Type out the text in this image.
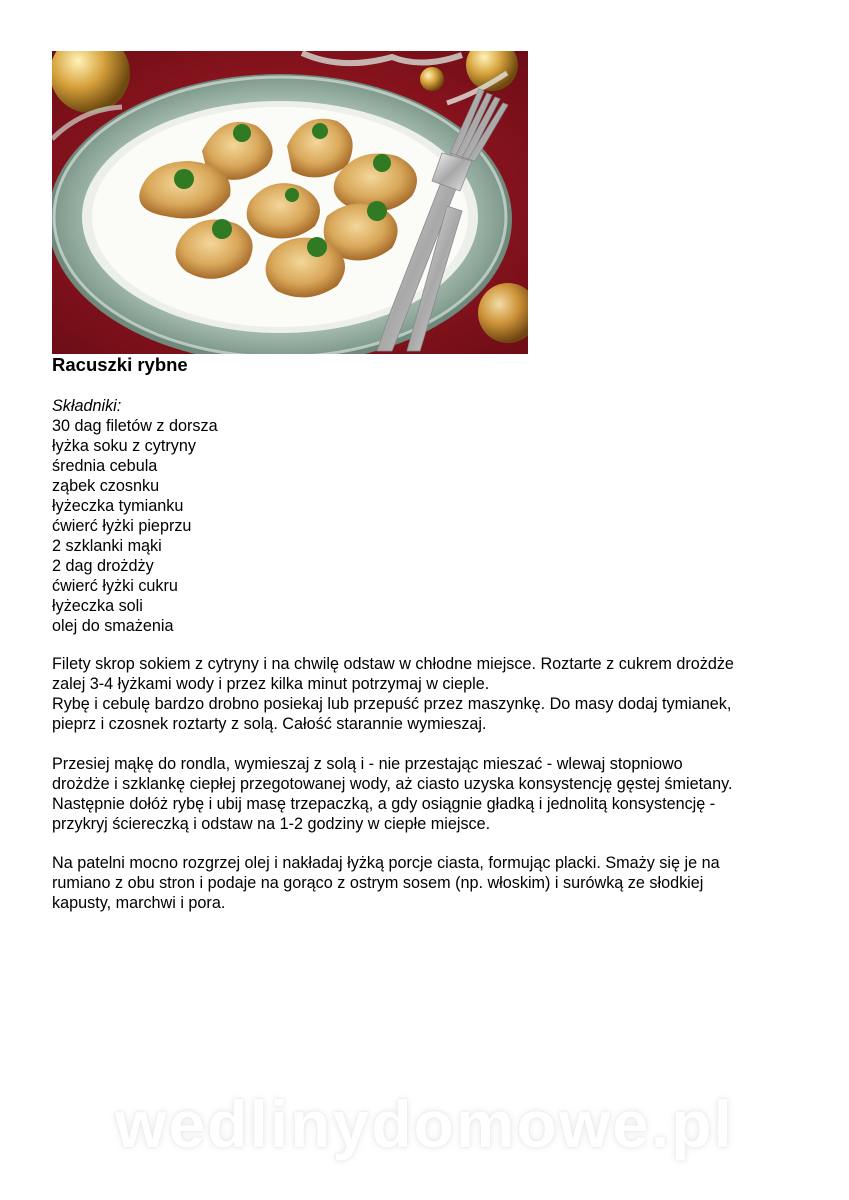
Racuszki rybne
Składniki:
30 dag filetów z dorsza
łyżka soku z cytryny
średnia cebula
ząbek czosnku
łyżeczka tymianku
ćwierć łyżki pieprzu
2 szklanki mąki
2 dag drożdży
ćwierć łyżki cukru
łyżeczka soli
olej do smażenia
Filety skrop sokiem z cytryny i na chwilę odstaw w chłodne miejsce. Roztarte z cukrem drożdże
zalej 3-4 łyżkami wody i przez kilka minut potrzymaj w cieple.
Rybę i cebulę bardzo drobno posiekaj lub przepuść przez maszynkę. Do masy dodaj tymianek,
pieprz i czosnek roztarty z solą. Całość starannie wymieszaj.
Przesiej mąkę do rondla, wymieszaj z solą i - nie przestając mieszać - wlewaj stopniowo
drożdże i szklankę ciepłej przegotowanej wody, aż ciasto uzyska konsystencję gęstej śmietany.
Następnie dołóż rybę i ubij masę trzepaczką, a gdy osiągnie gładką i jednolitą konsystencję -
przykryj ściereczką i odstaw na 1-2 godziny w ciepłe miejsce.
Na patelni mocno rozgrzej olej i nakładaj łyżką porcje ciasta, formując placki. Smaży się je na
rumiano z obu stron i podaje na gorąco z ostrym sosem (np. włoskim) i surówką ze słodkiej
kapusty, marchwi i pora.
wedlinydomowe.pl
